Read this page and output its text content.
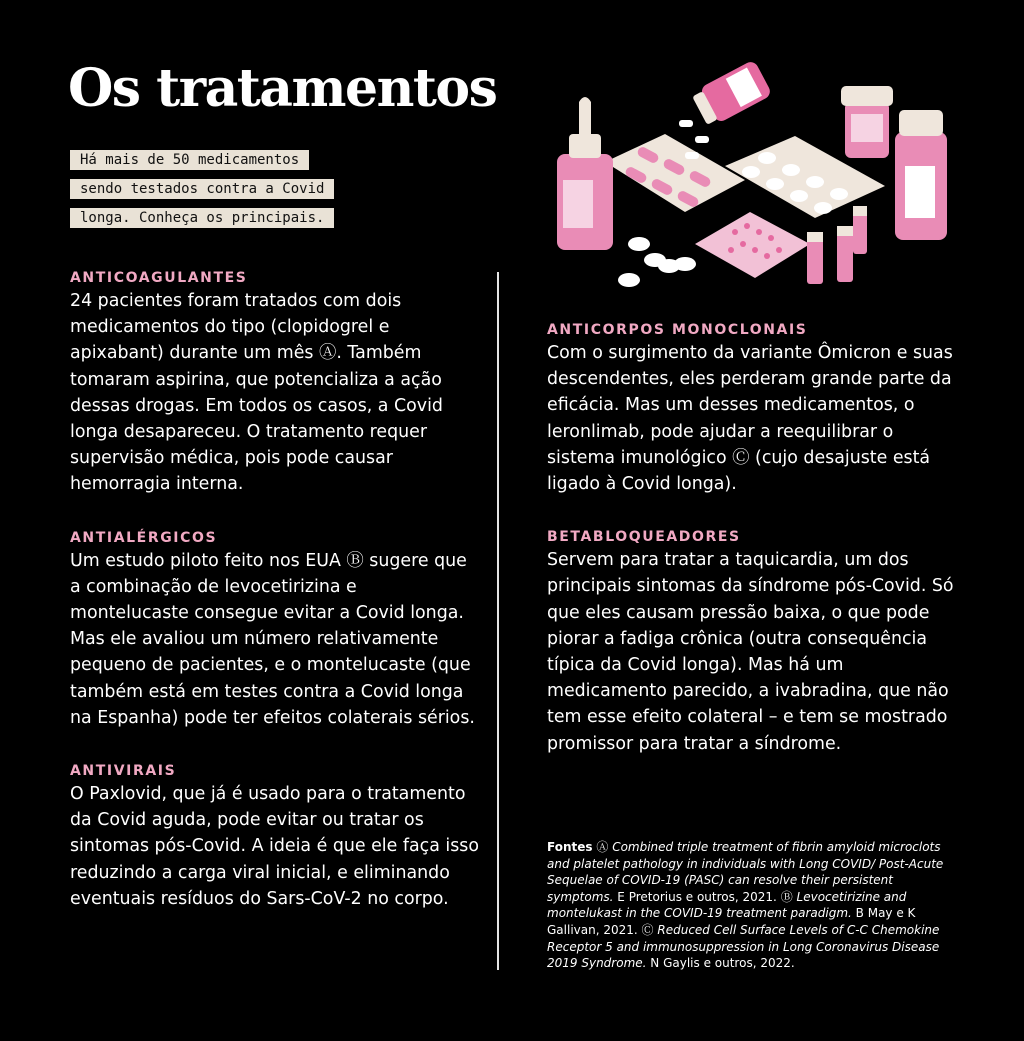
Os tratamentos
Há mais de 50 medicamentos
sendo testados contra a Covid
longa. Conheça os principais.
ANTICOAGULANTES

24 pacientes foram tratados com dois medicamentos do tipo (clopidogrel e apixabant) durante um mês Ⓐ. Também tomaram aspirina, que potencializa a ação dessas drogas. Em todos os casos, a Covid longa desapareceu. O tratamento requer supervisão médica, pois pode causar hemorragia interna.

ANTIALÉRGICOS

Um estudo piloto feito nos EUA Ⓑ sugere que a combinação de levocetirizina e montelucaste consegue evitar a Covid longa. Mas ele avaliou um número relativamente pequeno de pacientes, e o montelucaste (que também está em testes contra a Covid longa na Espanha) pode ter efeitos colaterais sérios.

ANTIVIRAIS

O Paxlovid, que já é usado para o tratamento da Covid aguda, pode evitar ou tratar os sintomas pós-Covid. A ideia é que ele faça isso reduzindo a carga viral inicial, e eliminando eventuais resíduos do Sars-CoV-2 no corpo.

ANTICORPOS MONOCLONAIS

Com o surgimento da variante Ômicron e suas descendentes, eles perderam grande parte da eficácia. Mas um desses medicamentos, o leronlimab, pode ajudar a reequilibrar o sistema imunológico Ⓒ (cujo desajuste está ligado à Covid longa).

BETABLOQUEADORES

Servem para tratar a taquicardia, um dos principais sintomas da síndrome pós-Covid. Só que eles causam pressão baixa, o que pode piorar a fadiga crônica (outra consequência típica da Covid longa). Mas há um medicamento parecido, a ivabradina, que não tem esse efeito colateral – e tem se mostrado promissor para tratar a síndrome.

Fontes Ⓐ Combined triple treatment of fibrin amyloid microclots and platelet pathology in individuals with Long COVID/ Post-Acute Sequelae of COVID-19 (PASC) can resolve their persistent symptoms. E Pretorius e outros, 2021. Ⓑ Levocetirizine and montelukast in the COVID-19 treatment paradigm. B May e K Gallivan, 2021. Ⓒ Reduced Cell Surface Levels of C-C Chemokine Receptor 5 and immunosuppression in Long Coronavirus Disease 2019 Syndrome. N Gaylis e outros, 2022.
